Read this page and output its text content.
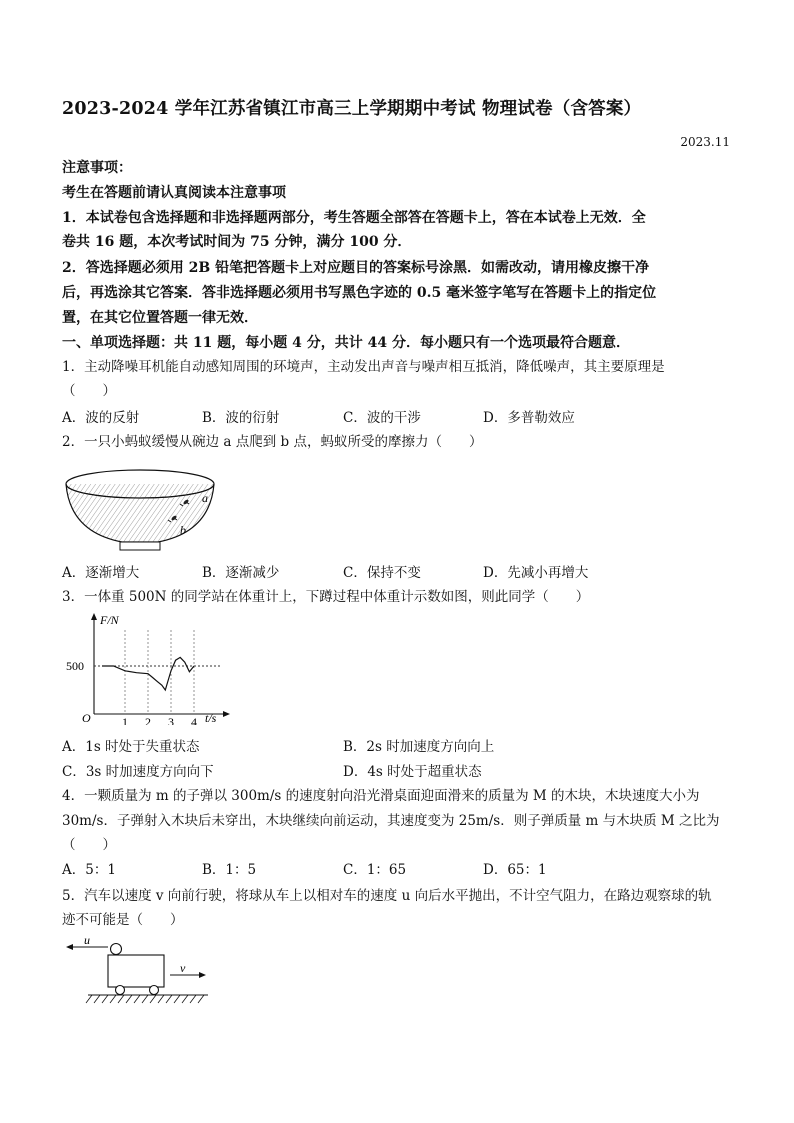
2023-2024 学年江苏省镇江市高三上学期期中考试 物理试卷（含答案）
2023.11
注意事项：
考生在答题前请认真阅读本注意事项
1．本试卷包含选择题和非选择题两部分，考生答题全部答在答题卡上，答在本试卷上无效．全
卷共 16 题，本次考试时间为 75 分钟，满分 100 分．
2．答选择题必须用 2B 铅笔把答题卡上对应题目的答案标号涂黑．如需改动，请用橡皮擦干净
后，再选涂其它答案．答非选择题必须用书写黑色字迹的 0.5 毫米签字笔写在答题卡上的指定位
置，在其它位置答题一律无效．
一、单项选择题：共 11 题，每小题 4 分，共计 44 分．每小题只有一个选项最符合题意．
1．主动降噪耳机能自动感知周围的环境声，主动发出声音与噪声相互抵消，降低噪声，其主要原理是
（　　）
A．波的反射	B．波的衍射	C．波的干涉	D．多普勒效应
2．一只小蚂蚁缓慢从碗边 a 点爬到 b 点，蚂蚁所受的摩擦力（　　）
a
b
A．逐渐增大	B．逐渐减少	C．保持不变	D．先减小再增大
3．一体重 500N 的同学站在体重计上，下蹲过程中体重计示数如图，则此同学（　　）
F/N
t/s
O
500
1 2 3 4
A．1s 时处于失重状态	B．2s 时加速度方向向上
C．3s 时加速度方向向下	D．4s 时处于超重状态
4．一颗质量为 m 的子弹以 300m/s 的速度射向沿光滑桌面迎面滑来的质量为 M 的木块，木块速度大小为
30m/s．子弹射入木块后未穿出，木块继续向前运动，其速度变为 25m/s．则子弹质量 m 与木块质 M 之比为
（　　）
A．5：1	B．1：5	C．1：65	D．65：1
5．汽车以速度 v 向前行驶，将球从车上以相对车的速度 u 向后水平抛出，不计空气阻力，在路边观察球的轨
迹不可能是（　　）
u
v
